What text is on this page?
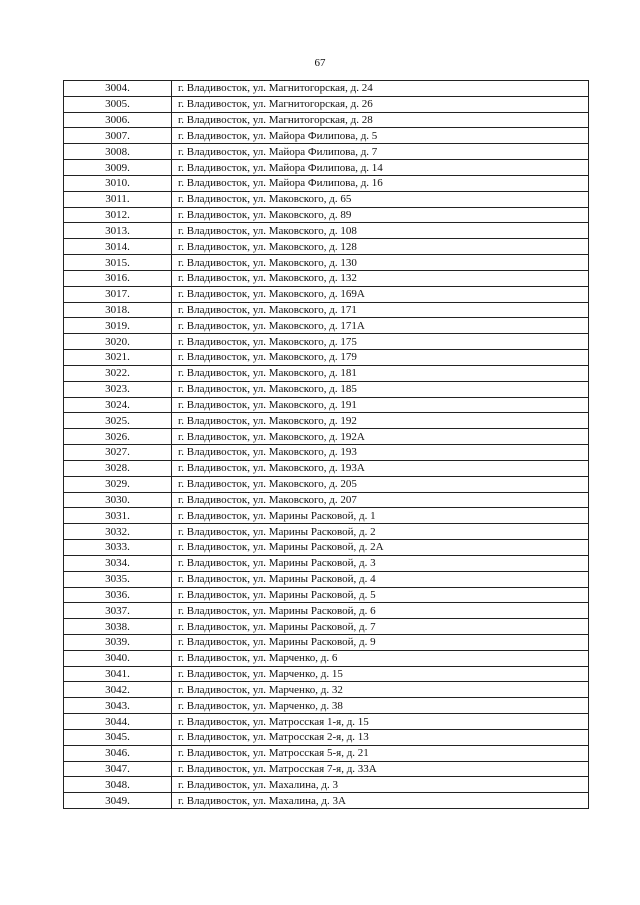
67
3004.	г. Владивосток, ул. Магнитогорская, д. 24
3005.	г. Владивосток, ул. Магнитогорская, д. 26
3006.	г. Владивосток, ул. Магнитогорская, д. 28
3007.	г. Владивосток, ул. Майора Филипова, д. 5
3008.	г. Владивосток, ул. Майора Филипова, д. 7
3009.	г. Владивосток, ул. Майора Филипова, д. 14
3010.	г. Владивосток, ул. Майора Филипова, д. 16
3011.	г. Владивосток, ул. Маковского, д. 65
3012.	г. Владивосток, ул. Маковского, д. 89
3013.	г. Владивосток, ул. Маковского, д. 108
3014.	г. Владивосток, ул. Маковского, д. 128
3015.	г. Владивосток, ул. Маковского, д. 130
3016.	г. Владивосток, ул. Маковского, д. 132
3017.	г. Владивосток, ул. Маковского, д. 169А
3018.	г. Владивосток, ул. Маковского, д. 171
3019.	г. Владивосток, ул. Маковского, д. 171А
3020.	г. Владивосток, ул. Маковского, д. 175
3021.	г. Владивосток, ул. Маковского, д. 179
3022.	г. Владивосток, ул. Маковского, д. 181
3023.	г. Владивосток, ул. Маковского, д. 185
3024.	г. Владивосток, ул. Маковского, д. 191
3025.	г. Владивосток, ул. Маковского, д. 192
3026.	г. Владивосток, ул. Маковского, д. 192А
3027.	г. Владивосток, ул. Маковского, д. 193
3028.	г. Владивосток, ул. Маковского, д. 193А
3029.	г. Владивосток, ул. Маковского, д. 205
3030.	г. Владивосток, ул. Маковского, д. 207
3031.	г. Владивосток, ул. Марины Расковой, д. 1
3032.	г. Владивосток, ул. Марины Расковой, д. 2
3033.	г. Владивосток, ул. Марины Расковой, д. 2А
3034.	г. Владивосток, ул. Марины Расковой, д. 3
3035.	г. Владивосток, ул. Марины Расковой, д. 4
3036.	г. Владивосток, ул. Марины Расковой, д. 5
3037.	г. Владивосток, ул. Марины Расковой, д. 6
3038.	г. Владивосток, ул. Марины Расковой, д. 7
3039.	г. Владивосток, ул. Марины Расковой, д. 9
3040.	г. Владивосток, ул. Марченко, д. 6
3041.	г. Владивосток, ул. Марченко, д. 15
3042.	г. Владивосток, ул. Марченко, д. 32
3043.	г. Владивосток, ул. Марченко, д. 38
3044.	г. Владивосток, ул. Матросская 1-я, д. 15
3045.	г. Владивосток, ул. Матросская 2-я, д. 13
3046.	г. Владивосток, ул. Матросская 5-я, д. 21
3047.	г. Владивосток, ул. Матросская 7-я, д. 33А
3048.	г. Владивосток, ул. Махалина, д. 3
3049.	г. Владивосток, ул. Махалина, д. 3А
